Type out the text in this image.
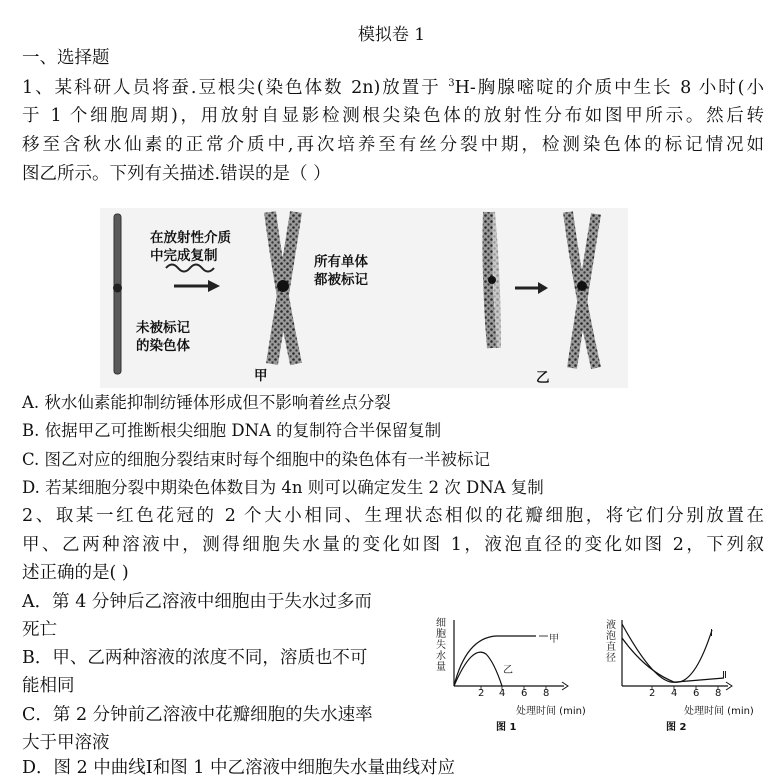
模拟卷 1
一、选择题
1、某科研人员将蚕.豆根尖(染色体数 2n)放置于 $^3$H-胸腺嘧啶的介质中生长 8 小时(小
于 1 个细胞周期)，用放射自显影检测根尖染色体的放射性分布如图甲所示。然后转
移至含秋水仙素的正常介质中,再次培养至有丝分裂中期，检测染色体的标记情况如
图乙所示。下列有关描述.错误的是（ ）
在放射性介质
中完成复制
未被标记
的染色体
所有单体
都被标记
甲	乙
A. 秋水仙素能抑制纺锤体形成但不影响着丝点分裂
B. 依据甲乙可推断根尖细胞 DNA 的复制符合半保留复制
C. 图乙对应的细胞分裂结束时每个细胞中的染色体有一半被标记
D. 若某细胞分裂中期染色体数目为 4n 则可以确定发生 2 次 DNA 复制
2、取某一红色花冠的 2 个大小相同、生理状态相似的花瓣细胞，将它们分别放置在
甲、乙两种溶液中，测得细胞失水量的变化如图 1，液泡直径的变化如图 2，下列叙
述正确的是( )
A．第 4 分钟后乙溶液中细胞由于失水过多而
死亡
B．甲、乙两种溶液的浓度不同，溶质也不可
能相同
C．第 2 分钟前乙溶液中花瓣细胞的失水速率
大于甲溶液
D．图 2 中曲线Ⅰ和图 1 中乙溶液中细胞失水量曲线对应
细
胞
失
水
量
甲
乙
2 4 6 8
处理时间 (min)
图 1
液
泡
直
径
Ⅰ
Ⅱ
2 4 6 8
处理时间 (min)
图 2
